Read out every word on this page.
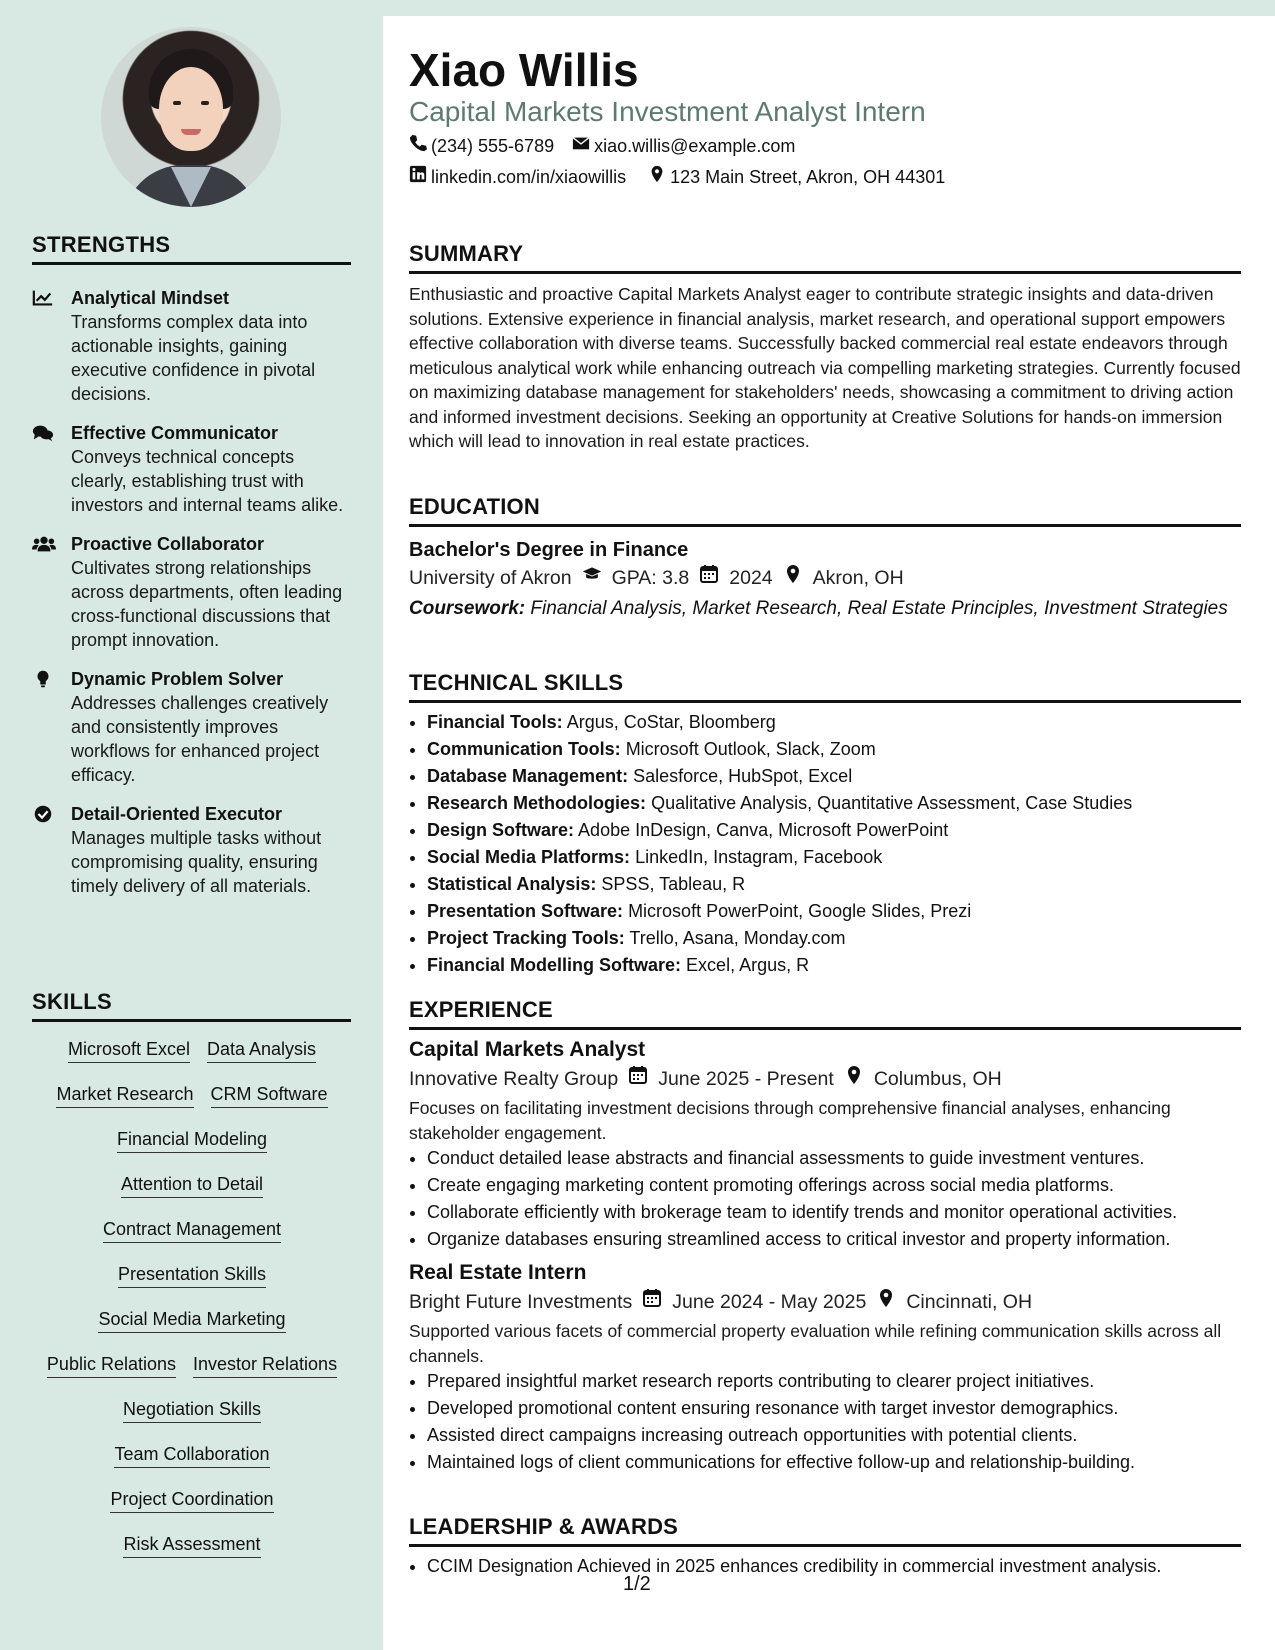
STRENGTHS
Analytical Mindset
Transforms complex data into actionable insights, gaining executive confidence in pivotal decisions.
Effective Communicator
Conveys technical concepts clearly, establishing trust with investors and internal teams alike.
Proactive Collaborator
Cultivates strong relationships across departments, often leading cross-functional discussions that prompt innovation.
Dynamic Problem Solver
Addresses challenges creatively and consistently improves workflows for enhanced project efficacy.
Detail-Oriented Executor
Manages multiple tasks without compromising quality, ensuring timely delivery of all materials.
SKILLS
Microsoft Excel Data Analysis
Market Research CRM Software
Financial Modeling
Attention to Detail
Contract Management
Presentation Skills
Social Media Marketing
Public Relations Investor Relations
Negotiation Skills
Team Collaboration
Project Coordination
Risk Assessment
Xiao Willis
Capital Markets Investment Analyst Intern
(234) 555-6789 xiao.willis@example.com
linkedin.com/in/xiaowillis 123 Main Street, Akron, OH 44301
SUMMARY

Enthusiastic and proactive Capital Markets Analyst eager to contribute strategic insights and data-driven solutions. Extensive experience in financial analysis, market research, and operational support empowers effective collaboration with diverse teams. Successfully backed commercial real estate endeavors through meticulous analytical work while enhancing outreach via compelling marketing strategies. Currently focused on maximizing database management for stakeholders' needs, showcasing a commitment to driving action and informed investment decisions. Seeking an opportunity at Creative Solutions for hands-on immersion which will lead to innovation in real estate practices.

EDUCATION
Bachelor's Degree in Finance
University of Akron GPA: 3.8 2024 Akron, OH
Coursework: Financial Analysis, Market Research, Real Estate Principles, Investment Strategies
TECHNICAL SKILLS
• Financial Tools: Argus, CoStar, Bloomberg
• Communication Tools: Microsoft Outlook, Slack, Zoom
• Database Management: Salesforce, HubSpot, Excel
• Research Methodologies: Qualitative Analysis, Quantitative Assessment, Case Studies
• Design Software: Adobe InDesign, Canva, Microsoft PowerPoint
• Social Media Platforms: LinkedIn, Instagram, Facebook
• Statistical Analysis: SPSS, Tableau, R
• Presentation Software: Microsoft PowerPoint, Google Slides, Prezi
• Project Tracking Tools: Trello, Asana, Monday.com
• Financial Modelling Software: Excel, Argus, R
EXPERIENCE
Capital Markets Analyst
Innovative Realty Group June 2025 - Present Columbus, OH

Focuses on facilitating investment decisions through comprehensive financial analyses, enhancing stakeholder engagement.

• Conduct detailed lease abstracts and financial assessments to guide investment ventures.
• Create engaging marketing content promoting offerings across social media platforms.
• Collaborate efficiently with brokerage team to identify trends and monitor operational activities.
• Organize databases ensuring streamlined access to critical investor and property information.
Real Estate Intern
Bright Future Investments June 2024 - May 2025 Cincinnati, OH

Supported various facets of commercial property evaluation while refining communication skills across all channels.

• Prepared insightful market research reports contributing to clearer project initiatives.
• Developed promotional content ensuring resonance with target investor demographics.
• Assisted direct campaigns increasing outreach opportunities with potential clients.
• Maintained logs of client communications for effective follow-up and relationship-building.
LEADERSHIP & AWARDS
• CCIM Designation Achieved in 2025 enhances credibility in commercial investment analysis.
1/2
